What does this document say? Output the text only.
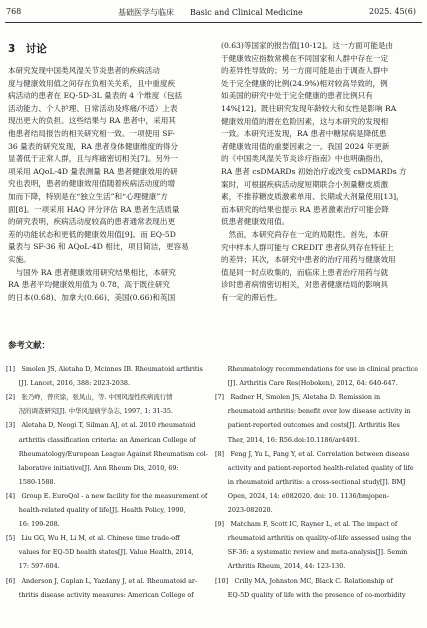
768	基础医学与临床　　Basic and Clinical Medicine	2025. 45(6)
3　讨论
本研究发现中国类风湿关节炎患者的疾病活动
度与健康效用值之间存在负相关关系，且中重度疾
病活动的患者在 EQ-5D-3L 量表的 4 个维度（包括
活动能力、个人护理、日常活动及疼痛/不适）上表
现出更大的负担。这些结果与 RA 患者中，采用其
他患者结局报告的相关研究相一致。一项使用 SF-
36 量表的研究发现，RA 患者身体健康维度的得分
显著低于正常人群，且与疼痛密切相关[7]。另外一
项采用 AQoL-4D 量表测量 RA 患者健康效用的研
究也表明，患者的健康效用值随着疾病活动度的增
加而下降，特别是在“独立生活”和“心理健康”方
面[8]。一项采用 HAQ 评分评估 RA 患者生活质量
的研究表明，疾病活动度较高的患者通常表现出更
差的功能状态和更低的健康效用值[9]。而 EQ-5D
量表与 SF-36 和 AQoL-4D 相比，项目简洁，更容易
实施。
　与国外 RA 患者健康效用研究结果相比，本研究
RA 患者平均健康效用值为 0.78，高于既往研究
的日本(0.68)、加拿大(0.66)、美国(0.66)和英国
(0.63)等国家的报告值[10-12]。这一方面可能是由
于健康效应指数常模在不同国家和人群中存在一定
的差异性导致的；另一方面可能是由于调查人群中
处于完全健康的比例(24.9%)相对较高导致的，例
如美国的研究中处于完全健康的患者比例只有
14%[12]。既往研究发现年龄较大和女性是影响 RA
健康效用值的潜在危险因素，这与本研究的发现相
一致。本研究还发现，RA 患者中糖尿病是降低患
者健康效用值的重要因素之一。我国 2024 年更新
的《中国类风湿关节炎诊疗指南》中也明确指出，
RA 患者 csDMARDs 初始治疗或改变 csDMARDs 方
案时，可根据疾病活动度短期联合小剂量糖皮质激
素，不推荐糖皮质激素单用、长期或大剂量使用[13]，
而本研究的结果也提示 RA 患者激素治疗可能会降
低患者健康效用值。
　然而，本研究尚存在一定的局限性。首先，本研
究中样本人群可能与 CREDIT 患者队列存在特征上
的差异；其次，本研究中患者的治疗用药与健康效用
值是同一时点收集的，而临床上患者治疗用药与就
诊时患者病情密切相关，对患者健康结局的影响具
有一定的滞后性。
参考文献：
[1]　Smolen JS, Aletaha D, Mcinnes IB. Rheumatoid arthritis
　　[J]. Lancet, 2016, 388: 2023-2038.
[2]　张乃峥，曾庆馀，张凤山，等. 中国风湿性疾病流行情
　　况的调查研究[J]. 中华风湿病学杂志, 1997, 1: 31-35.
[3]　Aletaha D, Neogi T, Silman AJ, et al. 2010 rheumatoid
　　arthritis classification criteria: an American College of
　　Rheumatology/European League Against Rheumatism col-
　　laborative initiative[J]. Ann Rheum Dis, 2010, 69:
　　1580-1588.
[4]　Group E. EuroQol - a new facility for the measurement of
　　health-related quality of life[J]. Health Policy, 1990,
　　16: 199-208.
[5]　Liu GG, Wu H, Li M, et al. Chinese time trade-off
　　values for EQ-5D health states[J]. Value Health, 2014,
　　17: 597-604.
[6]　Anderson J, Caplan L, Yazdany J, et al. Rheumatoid ar-
　　thritis disease activity measures: American College of
　　Rheumatology recommendations for use in clinical practice
　　[J]. Arthritis Care Res(Hoboken), 2012, 64: 640-647.
[7]　Radner H, Smolen JS, Aletaha D. Remission in
　　rheumatoid arthritis: benefit over low disease activity in
　　patient-reported outcomes and costs[J]. Arthritis Res
　　Ther, 2014, 16: R56.doi:10.1186/ar4491.
[8]　Feng J, Yu L, Fang Y, et al. Correlation between disease
　　activity and patient-reported health-related quality of life
　　in rheumatoid arthritis: a cross-sectional study[J]. BMJ
　　Open, 2024, 14: e082020. doi: 10. 1136/bmjopen-
　　2023-082020.
[9]　Matcham F, Scott IC, Rayner L, et al. The impact of
　　rheumatoid arthritis on quality-of-life assessed using the
　　SF-36: a systematic review and meta-analysis[J]. Semin
　　Arthritis Rheum, 2014, 44: 123-130.
[10]　Crilly MA, Johnston MC, Black C. Relationship of
　　EQ-5D quality of life with the presence of co-morbidity
